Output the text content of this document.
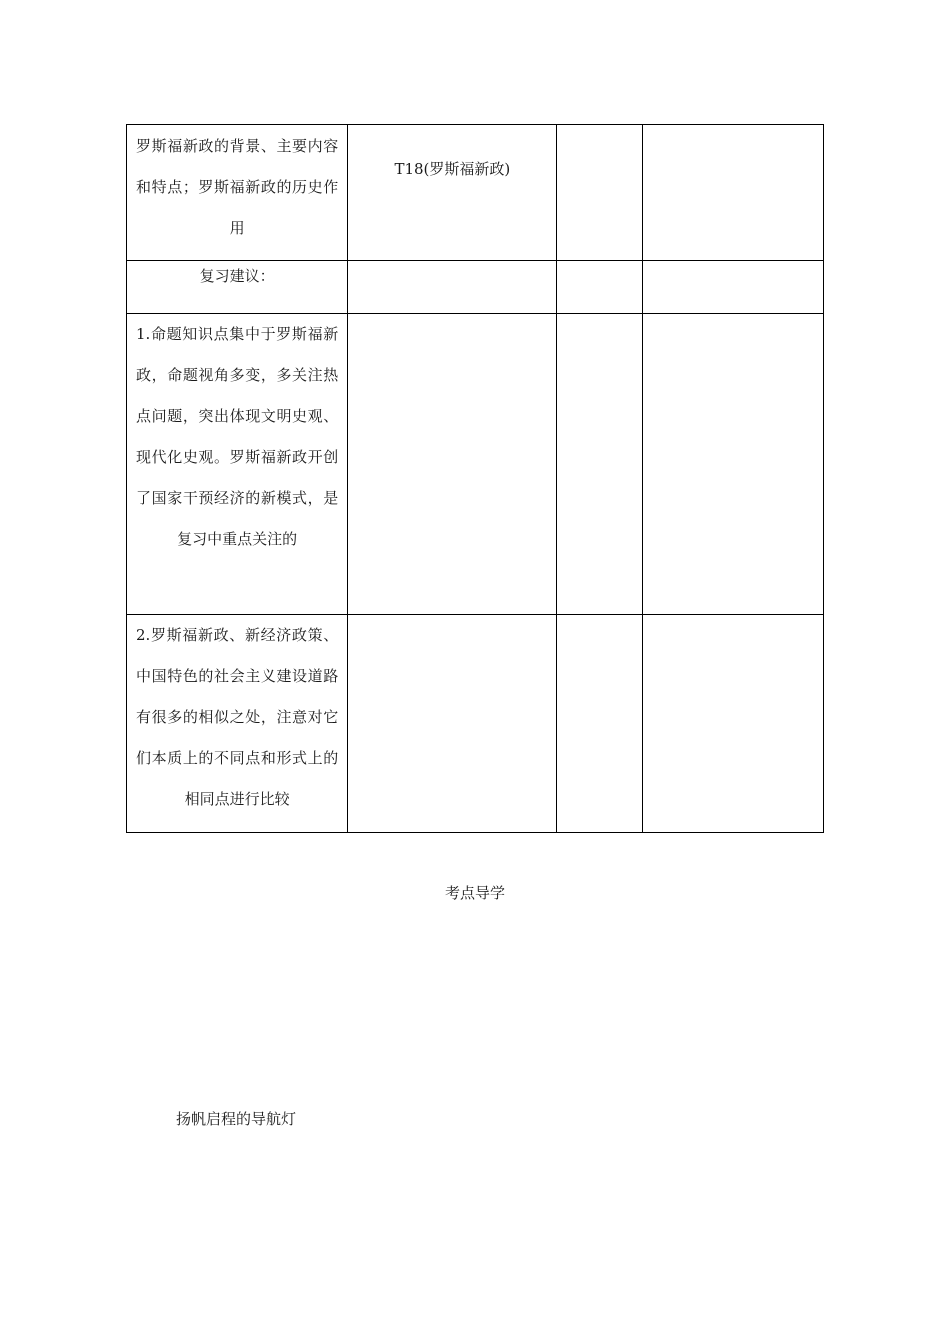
罗斯福新政的背景、主要内容和特点；罗斯福新政的历史作用	T18(罗斯福新政)		

复习建议：			

1.命题知识点集中于罗斯福新政，命题视角多变，多关注热点问题，突出体现文明史观、现代化史观。罗斯福新政开创了国家干预经济的新模式，是复习中重点关注的			

2.罗斯福新政、新经济政策、中国特色的社会主义建设道路有很多的相似之处，注意对它们本质上的不同点和形式上的相同点进行比较			

考点导学
扬帆启程的导航灯
